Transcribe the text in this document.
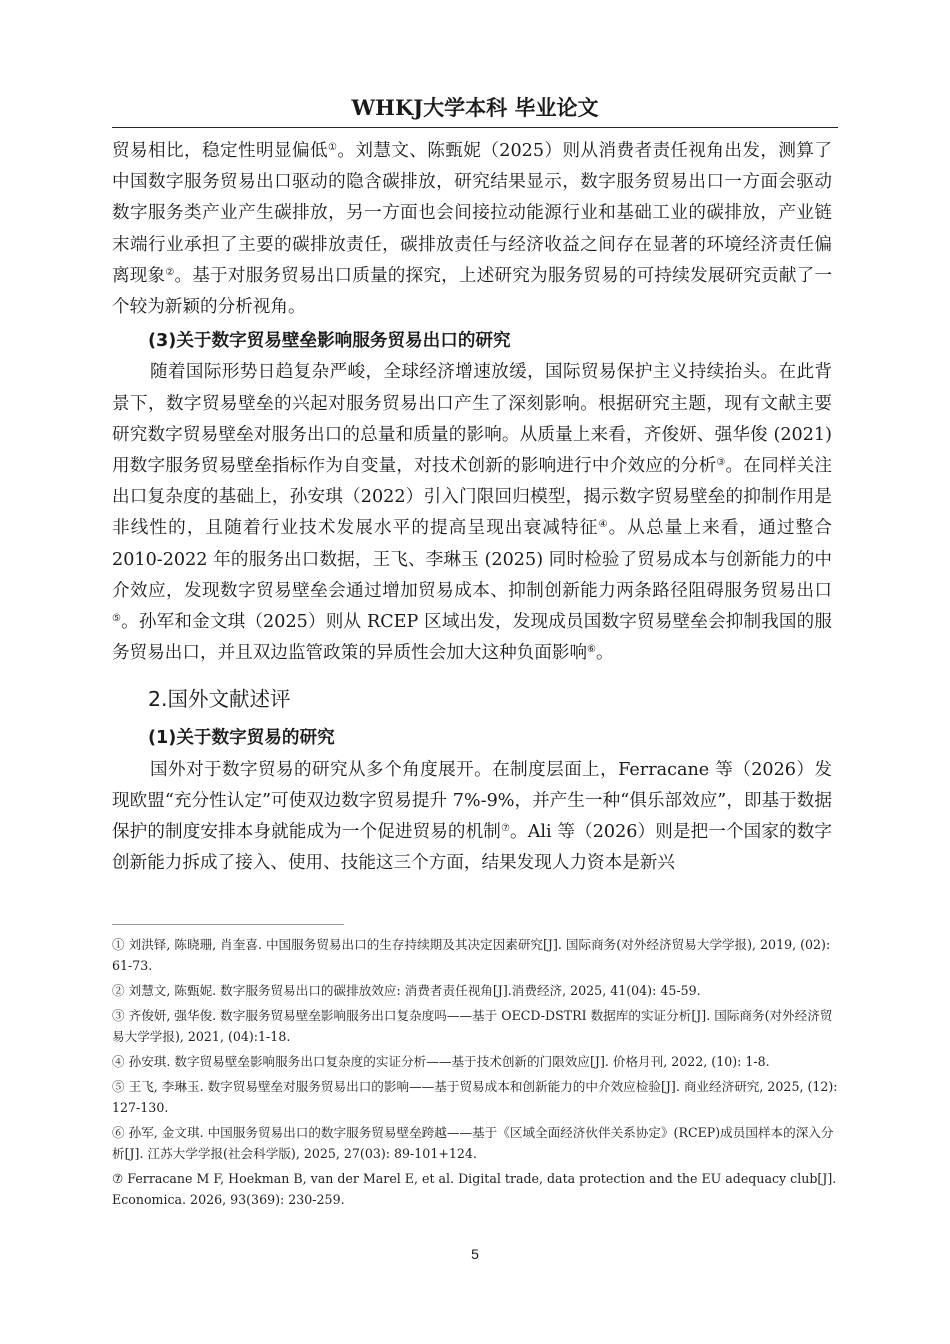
WHKJ大学本科 毕业论文

贸易相比，稳定性明显偏低①。刘慧文、陈甄妮（2025）则从消费者责任视角出发，测算了中国数字服务贸易出口驱动的隐含碳排放，研究结果显示，数字服务贸易出口一方面会驱动数字服务类产业产生碳排放，另一方面也会间接拉动能源行业和基础工业的碳排放，产业链末端行业承担了主要的碳排放责任，碳排放责任与经济收益之间存在显著的环境经济责任偏离现象②。基于对服务贸易出口质量的探究，上述研究为服务贸易的可持续发展研究贡献了一个较为新颖的分析视角。

(3)关于数字贸易壁垒影响服务贸易出口的研究

随着国际形势日趋复杂严峻，全球经济增速放缓，国际贸易保护主义持续抬头。在此背景下，数字贸易壁垒的兴起对服务贸易出口产生了深刻影响。根据研究主题，现有文献主要研究数字贸易壁垒对服务出口的总量和质量的影响。从质量上来看，齐俊妍、强华俊 (2021)用数字服务贸易壁垒指标作为自变量，对技术创新的影响进行中介效应的分析③。在同样关注出口复杂度的基础上，孙安琪（2022）引入门限回归模型，揭示数字贸易壁垒的抑制作用是非线性的，且随着行业技术发展水平的提高呈现出衰减特征④。从总量上来看，通过整合 2010-2022 年的服务出口数据，王飞、李琳玉 (2025) 同时检验了贸易成本与创新能力的中介效应，发现数字贸易壁垒会通过增加贸易成本、抑制创新能力两条路径阻碍服务贸易出口⑤。孙军和金文琪（2025）则从 RCEP 区域出发，发现成员国数字贸易壁垒会抑制我国的服务贸易出口，并且双边监管政策的异质性会加大这种负面影响⑥。

2.国外文献述评

(1)关于数字贸易的研究

国外对于数字贸易的研究从多个角度展开。在制度层面上，Ferracane 等（2026）发现欧盟“充分性认定”可使双边数字贸易提升 7%-9%，并产生一种“俱乐部效应”，即基于数据保护的制度安排本身就能成为一个促进贸易的机制⑦。Ali 等（2026）则是把一个国家的数字创新能力拆成了接入、使用、技能这三个方面，结果发现人力资本是新兴

① 刘洪铎, 陈晓珊, 肖奎喜. 中国服务贸易出口的生存持续期及其决定因素研究[J]. 国际商务(对外经济贸易大学学报), 2019, (02): 61-73.

② 刘慧文, 陈甄妮. 数字服务贸易出口的碳排放效应: 消费者责任视角[J].消费经济, 2025, 41(04): 45-59.

③ 齐俊妍, 强华俊. 数字服务贸易壁垒影响服务出口复杂度吗——基于 OECD-DSTRI 数据库的实证分析[J]. 国际商务(对外经济贸易大学学报), 2021, (04):1-18.

④ 孙安琪. 数字贸易壁垒影响服务出口复杂度的实证分析——基于技术创新的门限效应[J]. 价格月刊, 2022, (10): 1-8.

⑤ 王飞, 李琳玉. 数字贸易壁垒对服务贸易出口的影响——基于贸易成本和创新能力的中介效应检验[J]. 商业经济研究, 2025, (12): 127-130.

⑥ 孙军, 金文琪. 中国服务贸易出口的数字服务贸易壁垒跨越——基于《区域全面经济伙伴关系协定》(RCEP)成员国样本的深入分析[J]. 江苏大学学报(社会科学版), 2025, 27(03): 89-101+124.

⑦ Ferracane M F, Hoekman B, van der Marel E, et al. Digital trade, data protection and the EU adequacy club[J]. Economica. 2026, 93(369): 230-259.

5
